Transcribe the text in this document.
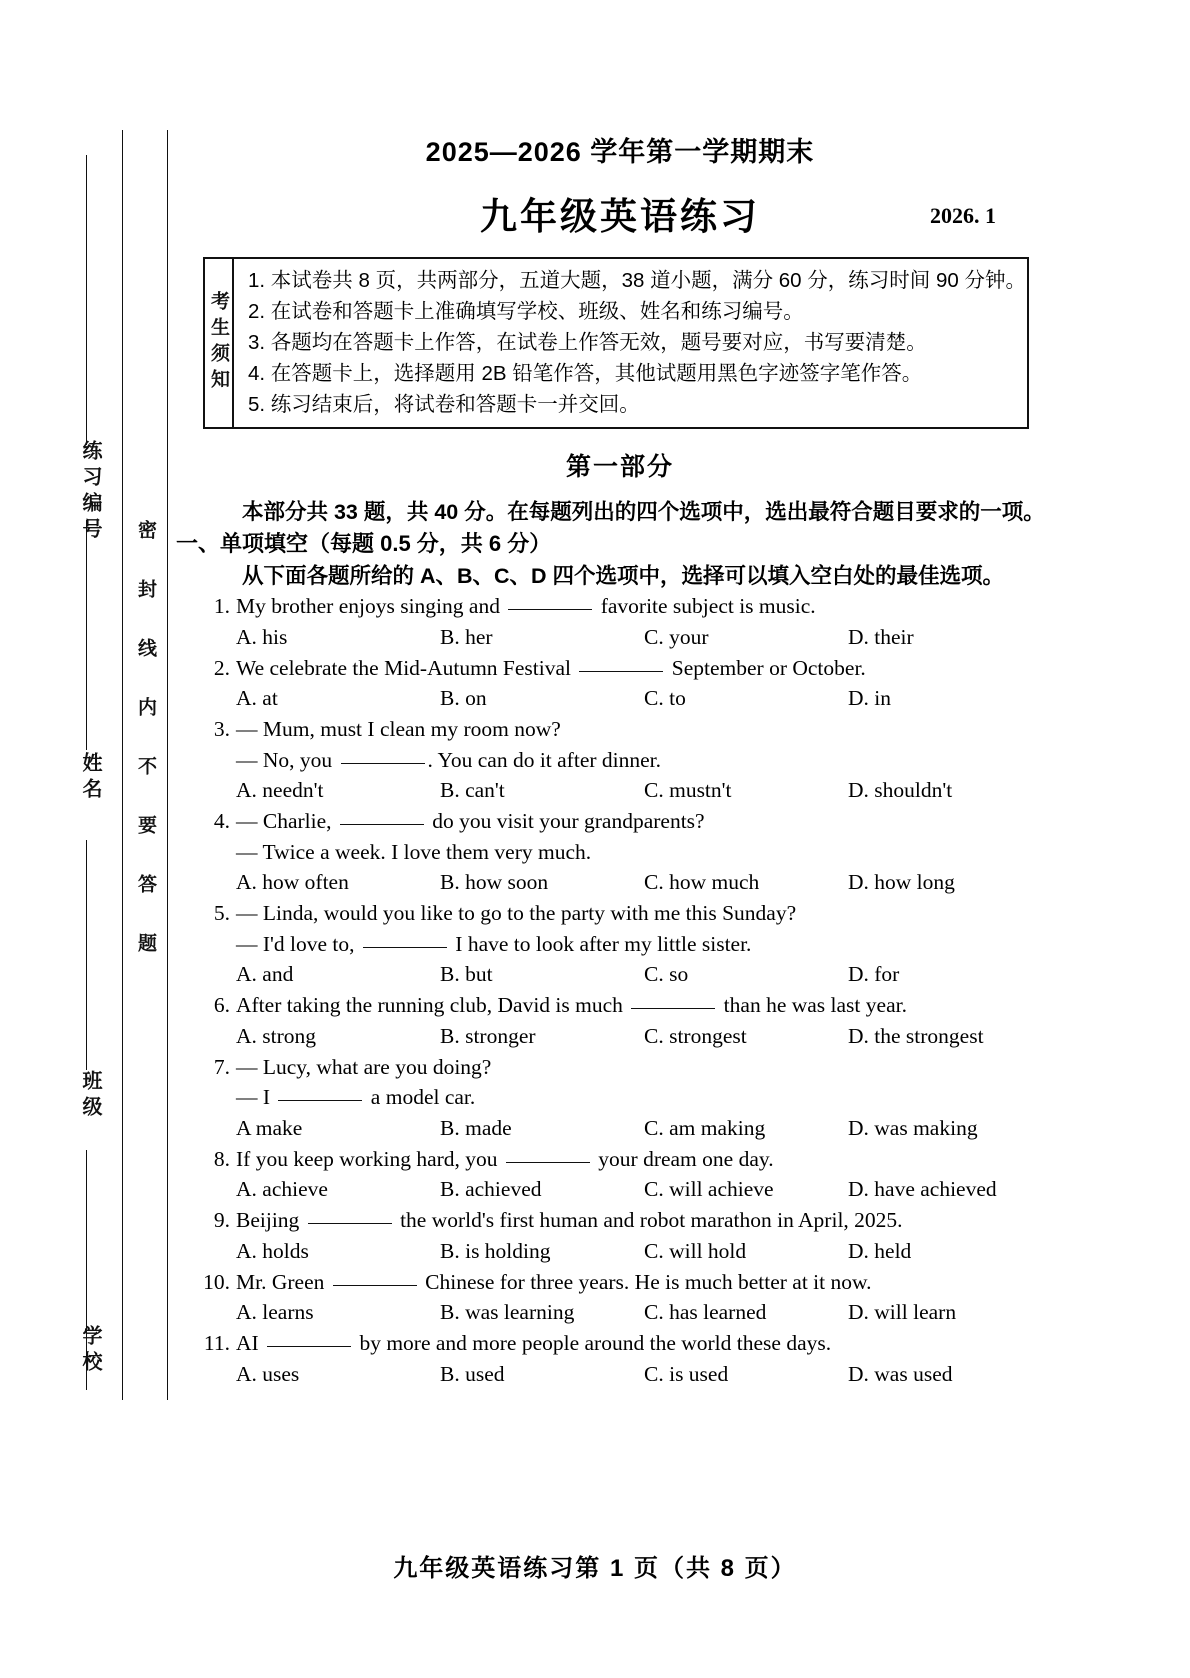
练习编号
姓名
班级
学校
密封线内不要答题
2025—2026 学年第一学期期末
九年级英语练习	2026. 1
考生须知
1. 本试卷共 8 页，共两部分，五道大题，38 道小题，满分 60 分，练习时间 90 分钟。
2. 在试卷和答题卡上准确填写学校、班级、姓名和练习编号。
3. 各题均在答题卡上作答，在试卷上作答无效，题号要对应，书写要清楚。
4. 在答题卡上，选择题用 2B 铅笔作答，其他试题用黑色字迹签字笔作答。
5. 练习结束后，将试卷和答题卡一并交回。
第一部分
本部分共 33 题，共 40 分。在每题列出的四个选项中，选出最符合题目要求的一项。
一、单项填空（每题 0.5 分，共 6 分）
从下面各题所给的 A、B、C、D 四个选项中，选择可以填入空白处的最佳选项。
1. My brother enjoys singing and	favorite subject is music.
A. his	B. her	C. your	D. their
2. We celebrate the Mid-Autumn Festival	September or October.
A. at	B. on	C. to	D. in
3. — Mum, must I clean my room now?
— No, you	. You can do it after dinner.
A. needn't	B. can't	C. mustn't	D. shouldn't
4. — Charlie,	do you visit your grandparents?
— Twice a week. I love them very much.
A. how often	B. how soon	C. how much	D. how long
5. — Linda, would you like to go to the party with me this Sunday?
— I'd love to,	I have to look after my little sister.
A. and	B. but	C. so	D. for
6. After taking the running club, David is much	than he was last year.
A. strong	B. stronger	C. strongest	D. the strongest
7. — Lucy, what are you doing?
— I	a model car.
A make	B. made	C. am making	D. was making
8. If you keep working hard, you	your dream one day.
A. achieve	B. achieved	C. will achieve	D. have achieved
9. Beijing	the world's first human and robot marathon in April, 2025.
A. holds	B. is holding	C. will hold	D. held
10. Mr. Green	Chinese for three years. He is much better at it now.
A. learns	B. was learning	C. has learned	D. will learn
11. AI	by more and more people around the world these days.
A. uses	B. used	C. is used	D. was used
九年级英语练习第 1 页（共 8 页）
